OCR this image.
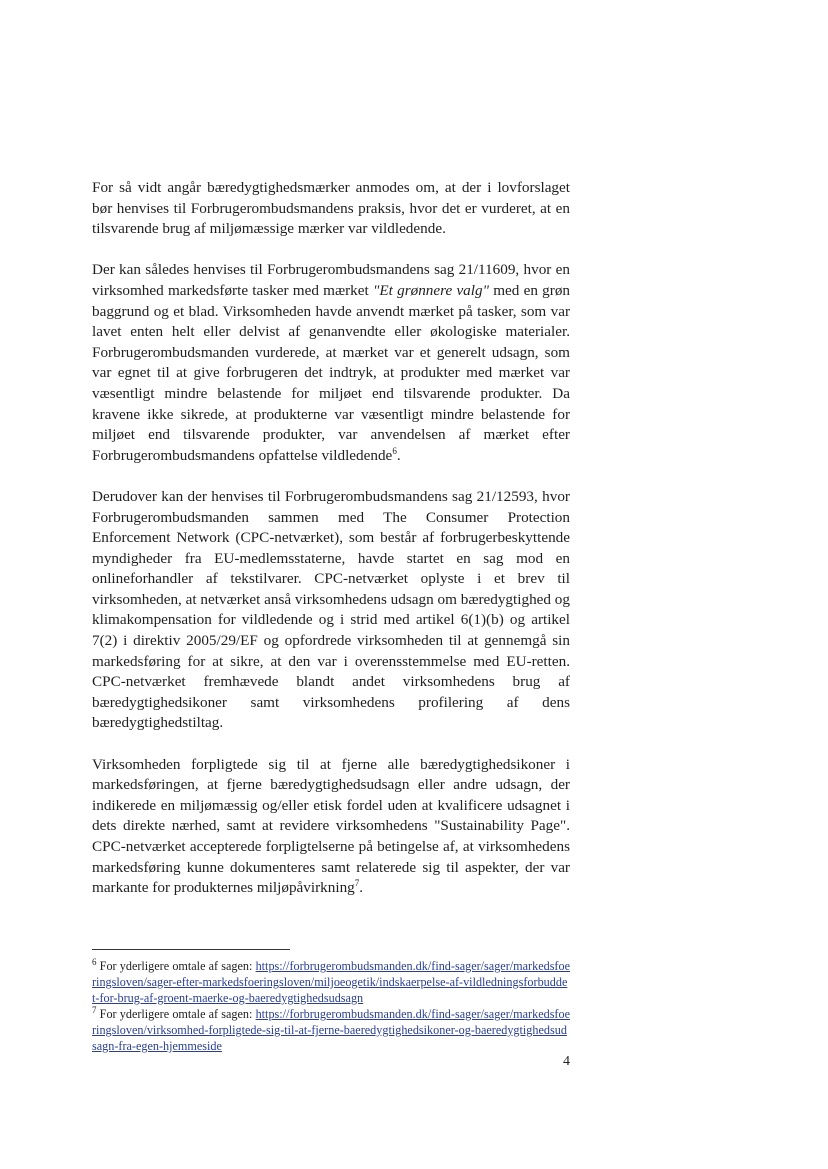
For så vidt angår bæredygtighedsmærker anmodes om, at der i lovforslaget bør henvises til Forbrugerombudsmandens praksis, hvor det er vurderet, at en tilsvarende brug af miljømæssige mærker var vildledende.

Der kan således henvises til Forbrugerombudsmandens sag 21/11609, hvor en virksomhed markedsførte tasker med mærket "Et grønnere valg" med en grøn baggrund og et blad. Virksomheden havde anvendt mærket på tasker, som var lavet enten helt eller delvist af genanvendte eller økologiske materialer. Forbrugerombudsmanden vurderede, at mærket var et generelt udsagn, som var egnet til at give forbrugeren det indtryk, at produkter med mærket var væsentligt mindre belastende for miljøet end tilsvarende produkter. Da kravene ikke sikrede, at produkterne var væsentligt mindre belastende for miljøet end tilsvarende produkter, var anvendelsen af mærket efter Forbrugerombudsmandens opfattelse vildledende$^6$.

Derudover kan der henvises til Forbrugerombudsmandens sag 21/12593, hvor Forbrugerombudsmanden sammen med The Consumer Protection Enforcement Network (CPC-netværket), som består af forbrugerbeskyttende myndigheder fra EU-medlemsstaterne, havde startet en sag mod en onlineforhandler af tekstilvarer. CPC-netværket oplyste i et brev til virksomheden, at netværket anså virksomhedens udsagn om bæredygtighed og klimakompensation for vildledende og i strid med artikel 6(1)(b) og artikel 7(2) i direktiv 2005/29/EF og opfordrede virksomheden til at gennemgå sin markedsføring for at sikre, at den var i overensstemmelse med EU-retten. CPC-netværket fremhævede blandt andet virksomhedens brug af bæredygtighedsikoner samt virksomhedens profilering af dens bæredygtighedstiltag.

Virksomheden forpligtede sig til at fjerne alle bæredygtighedsikoner i markedsføringen, at fjerne bæredygtighedsudsagn eller andre udsagn, der indikerede en miljømæssig og/eller etisk fordel uden at kvalificere udsagnet i dets direkte nærhed, samt at revidere virksomhedens "Sustainability Page". CPC-netværket accepterede forpligtelserne på betingelse af, at virksomhedens markedsføring kunne dokumenteres samt relaterede sig til aspekter, der var markante for produkternes miljøpåvirkning$^7$.

$^6$ For yderligere omtale af sagen: https://forbrugerombudsmanden.dk/find-sager/sager/markedsfoeringsloven/sager-efter-markedsfoeringsloven/miljoeogetik/indskaerpelse-af-vildledningsforbuddet-for-brug-af-groent-maerke-og-baeredygtighedsudsagn

$^7$ For yderligere omtale af sagen: https://forbrugerombudsmanden.dk/find-sager/sager/markedsfoeringsloven/virksomhed-forpligtede-sig-til-at-fjerne-baeredygtighedsikoner-og-baeredygtighedsudsagn-fra-egen-hjemmeside

4
